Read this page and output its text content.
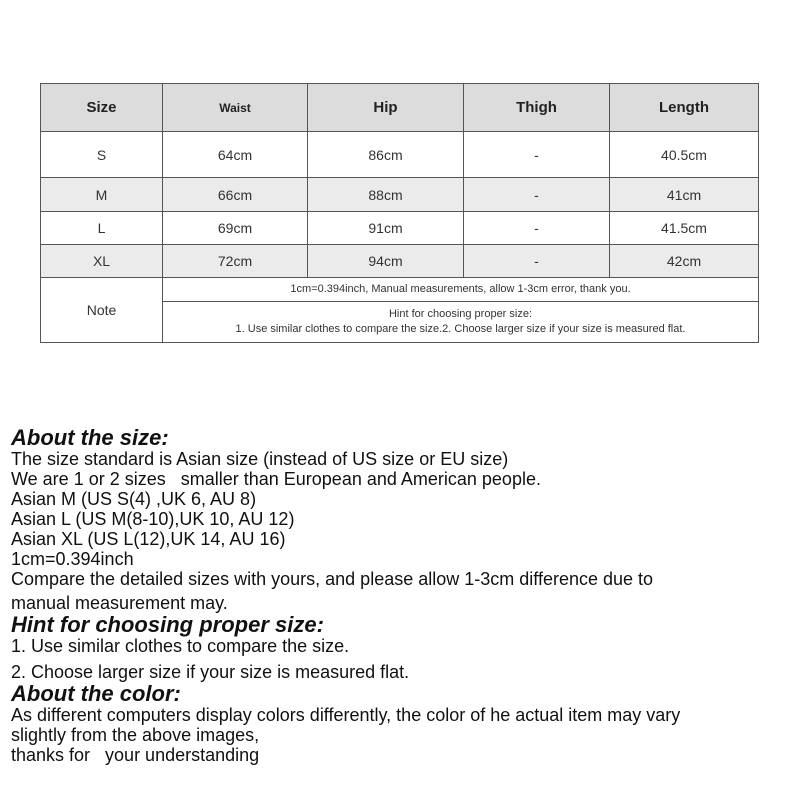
Size	Waist	Hip	Thigh	Length
S	64cm	86cm	-	40.5cm
M	66cm	88cm	-	41cm
L	69cm	91cm	-	41.5cm
XL	72cm	94cm	-	42cm
Note	1cm=0.394inch, Manual measurements, allow 1-3cm error, thank you.			

	Hint for choosing proper size:
1. Use similar clothes to compare the size.2. Choose larger size if your size is measured flat.			

About the size:

The size standard is Asian size (instead of US size or EU size)

We are 1 or 2 sizes   smaller than European and American people.

Asian M (US S(4) ,UK 6, AU 8)

Asian L (US M(8-10),UK 10, AU 12)

Asian XL (US L(12),UK 14, AU 16)

1cm=0.394inch

Compare the detailed sizes with yours, and please allow 1-3cm difference due to

manual measurement may.

Hint for choosing proper size:

1. Use similar clothes to compare the size.

2. Choose larger size if your size is measured flat.

About the color:

As different computers display colors differently, the color of he actual item may vary

slightly from the above images,

thanks for   your understanding
